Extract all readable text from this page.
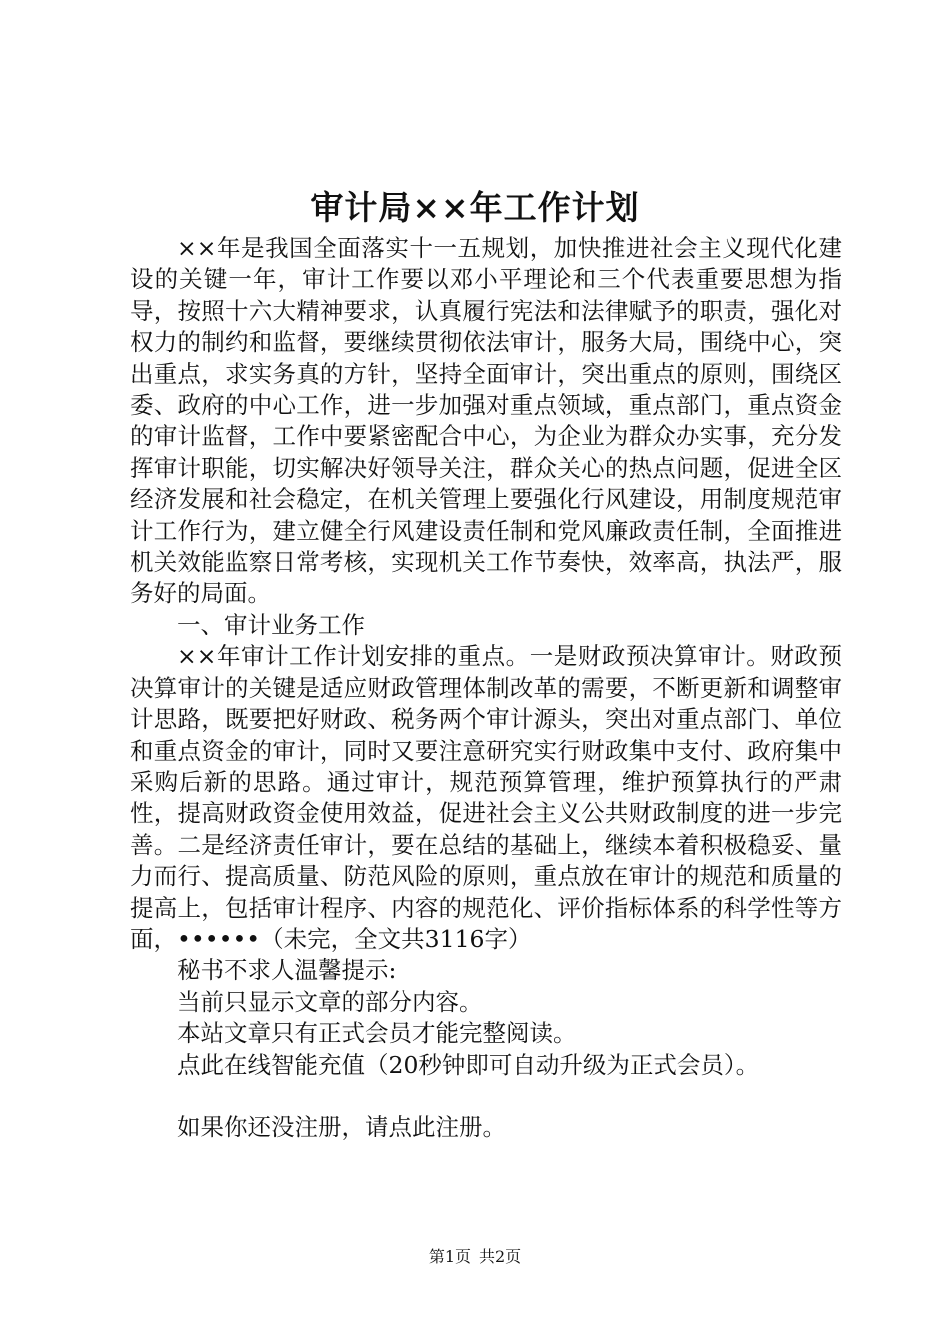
审计局××年工作计划

××年是我国全面落实十一五规划，加快推进社会主义现代化建设的关键一年，审计工作要以邓小平理论和三个代表重要思想为指导，按照十六大精神要求，认真履行宪法和法律赋予的职责，强化对权力的制约和监督，要继续贯彻依法审计，服务大局，围绕中心，突出重点，求实务真的方针，坚持全面审计，突出重点的原则，围绕区委、政府的中心工作，进一步加强对重点领域，重点部门，重点资金的审计监督，工作中要紧密配合中心，为企业为群众办实事，充分发挥审计职能，切实解决好领导关注，群众关心的热点问题，促进全区经济发展和社会稳定，在机关管理上要强化行风建设，用制度规范审计工作行为，建立健全行风建设责任制和党风廉政责任制，全面推进机关效能监察日常考核，实现机关工作节奏快，效率高，执法严，服务好的局面。

一、审计业务工作

××年审计工作计划安排的重点。一是财政预决算审计。财政预决算审计的关键是适应财政管理体制改革的需要，不断更新和调整审计思路，既要把好财政、税务两个审计源头，突出对重点部门、单位和重点资金的审计，同时又要注意研究实行财政集中支付、政府集中采购后新的思路。通过审计，规范预算管理，维护预算执行的严肃性，提高财政资金使用效益，促进社会主义公共财政制度的进一步完善。二是经济责任审计，要在总结的基础上，继续本着积极稳妥、量力而行、提高质量、防范风险的原则，重点放在审计的规范和质量的提高上，包括审计程序、内容的规范化、评价指标体系的科学性等方面，••••••（未完，全文共3116字）

秘书不求人温馨提示:

当前只显示文章的部分内容。

本站文章只有正式会员才能完整阅读。

点此在线智能充值（20秒钟即可自动升级为正式会员）。

如果你还没注册，请点此注册。

第1页 共2页
